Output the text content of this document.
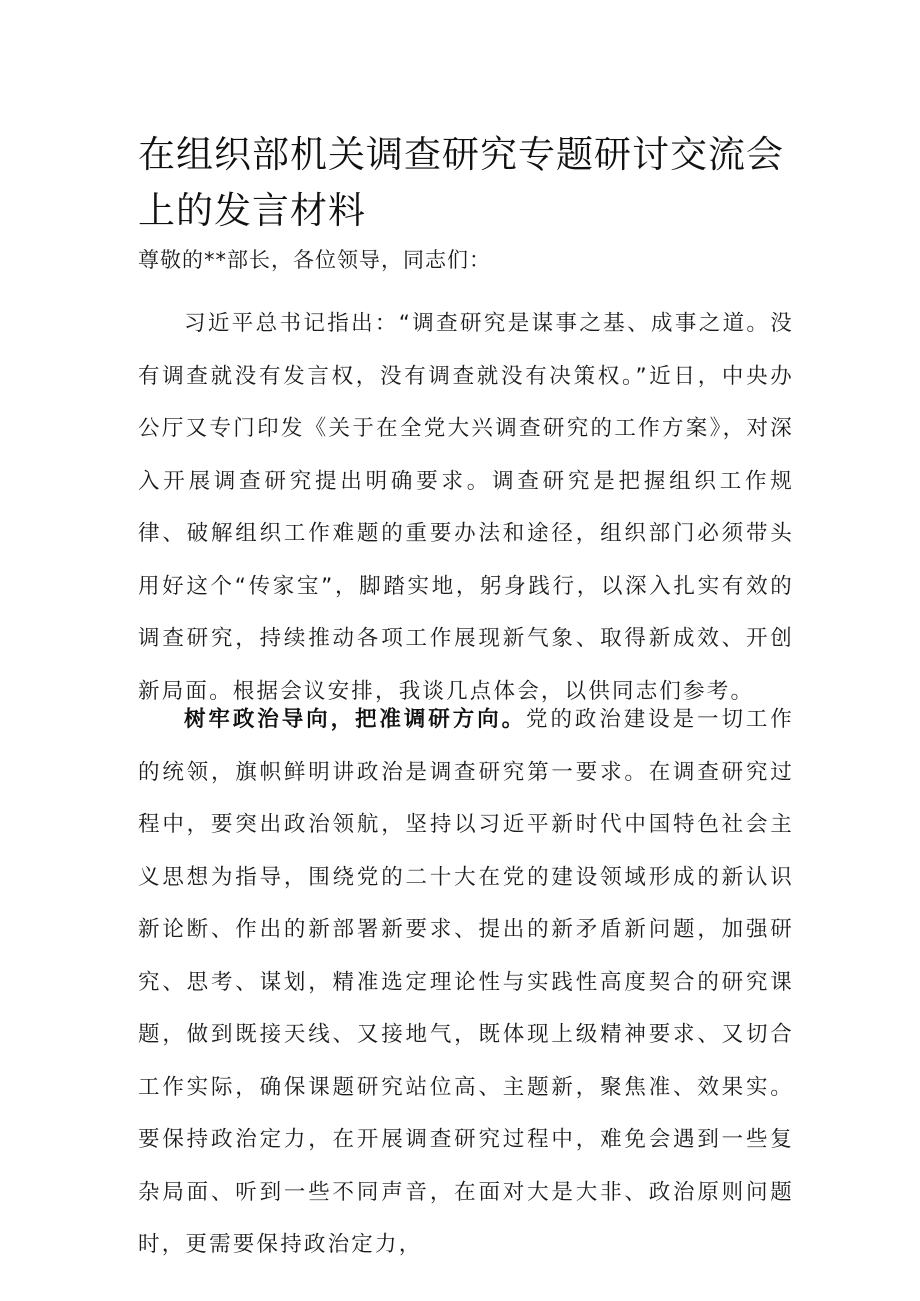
在组织部机关调查研究专题研讨交流会上的发言材料

尊敬的**部长，各位领导，同志们：

习近平总书记指出：“调查研究是谋事之基、成事之道。没有调查就没有发言权，没有调查就没有决策权。”近日，中央办公厅又专门印发《关于在全党大兴调查研究的工作方案》，对深入开展调查研究提出明确要求。调查研究是把握组织工作规律、破解组织工作难题的重要办法和途径，组织部门必须带头用好这个“传家宝”，脚踏实地，躬身践行，以深入扎实有效的调查研究，持续推动各项工作展现新气象、取得新成效、开创新局面。根据会议安排，我谈几点体会，以供同志们参考。

树牢政治导向，把准调研方向。党的政治建设是一切工作的统领，旗帜鲜明讲政治是调查研究第一要求。在调查研究过程中，要突出政治领航，坚持以习近平新时代中国特色社会主义思想为指导，围绕党的二十大在党的建设领域形成的新认识新论断、作出的新部署新要求、提出的新矛盾新问题，加强研究、思考、谋划，精准选定理论性与实践性高度契合的研究课题，做到既接天线、又接地气，既体现上级精神要求、又切合工作实际，确保课题研究站位高、主题新，聚焦准、效果实。要保持政治定力，在开展调查研究过程中，难免会遇到一些复杂局面、听到一些不同声音，在面对大是大非、政治原则问题时，更需要保持政治定力，
